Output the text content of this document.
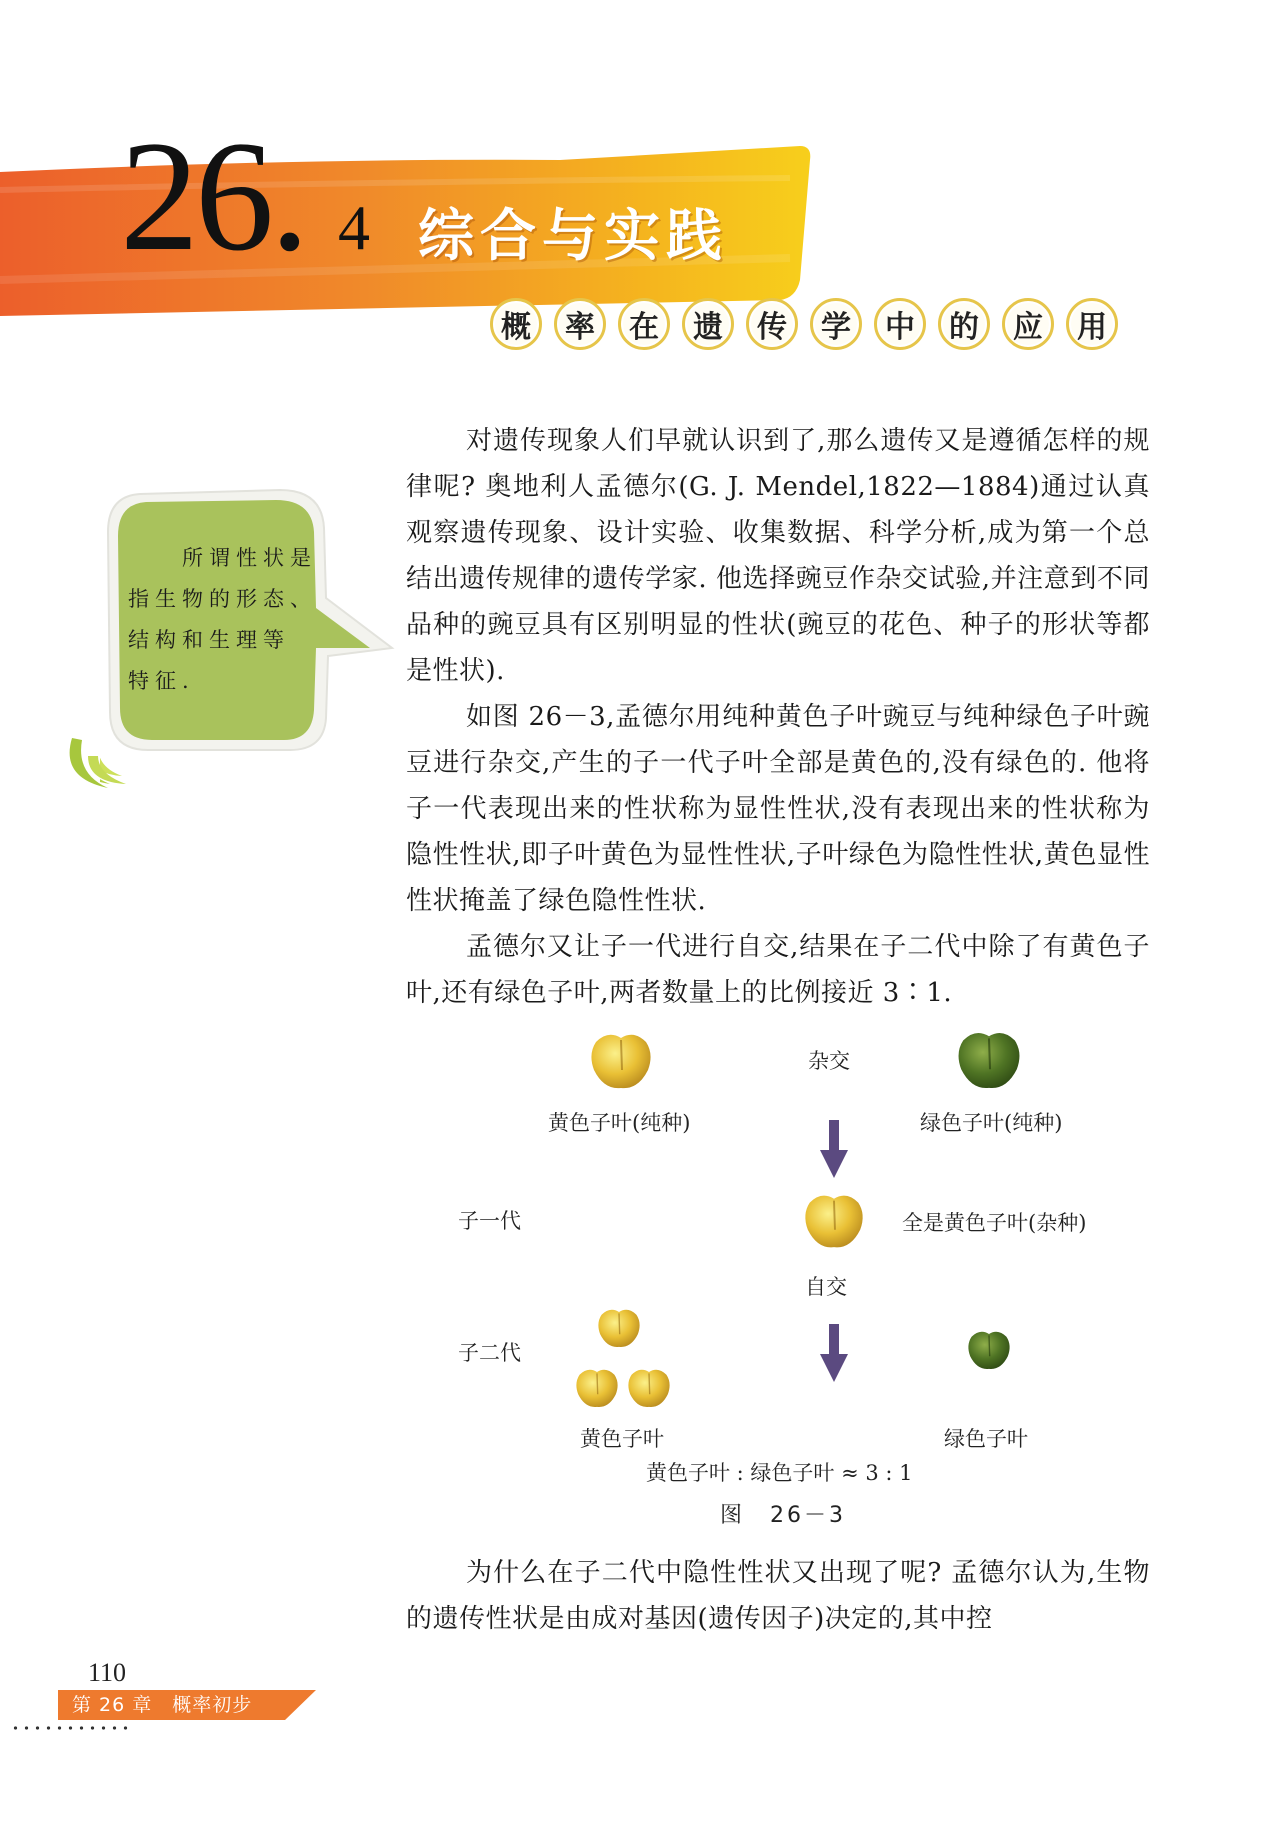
26. 4 综合与实践
概	率	在	遗	传	学	中	的	应	用
所谓性状是
指生物的形态、
结构和生理等
特征.

对遗传现象人们早就认识到了,那么遗传又是遵循怎样的规律呢? 奥地利人孟德尔(G. J. Mendel,1822—1884)通过认真观察遗传现象、设计实验、收集数据、科学分析,成为第一个总结出遗传规律的遗传学家. 他选择豌豆作杂交试验,并注意到不同品种的豌豆具有区别明显的性状(豌豆的花色、种子的形状等都是性状).

如图 26－3,孟德尔用纯种黄色子叶豌豆与纯种绿色子叶豌豆进行杂交,产生的子一代子叶全部是黄色的,没有绿色的. 他将子一代表现出来的性状称为显性性状,没有表现出来的性状称为隐性性状,即子叶黄色为显性性状,子叶绿色为隐性性状,黄色显性性状掩盖了绿色隐性性状.

孟德尔又让子一代进行自交,结果在子二代中除了有黄色子叶,还有绿色子叶,两者数量上的比例接近 3∶1.

杂交
黄色子叶(纯种)	绿色子叶(纯种)
子一代	全是黄色子叶(杂种)
自交
子二代
黄色子叶	绿色子叶
黄色子叶 : 绿色子叶 ≈ 3 : 1
图　26－3

为什么在子二代中隐性性状又出现了呢? 孟德尔认为,生物的遗传性状是由成对基因(遗传因子)决定的,其中控

110
第 26 章　概率初步
